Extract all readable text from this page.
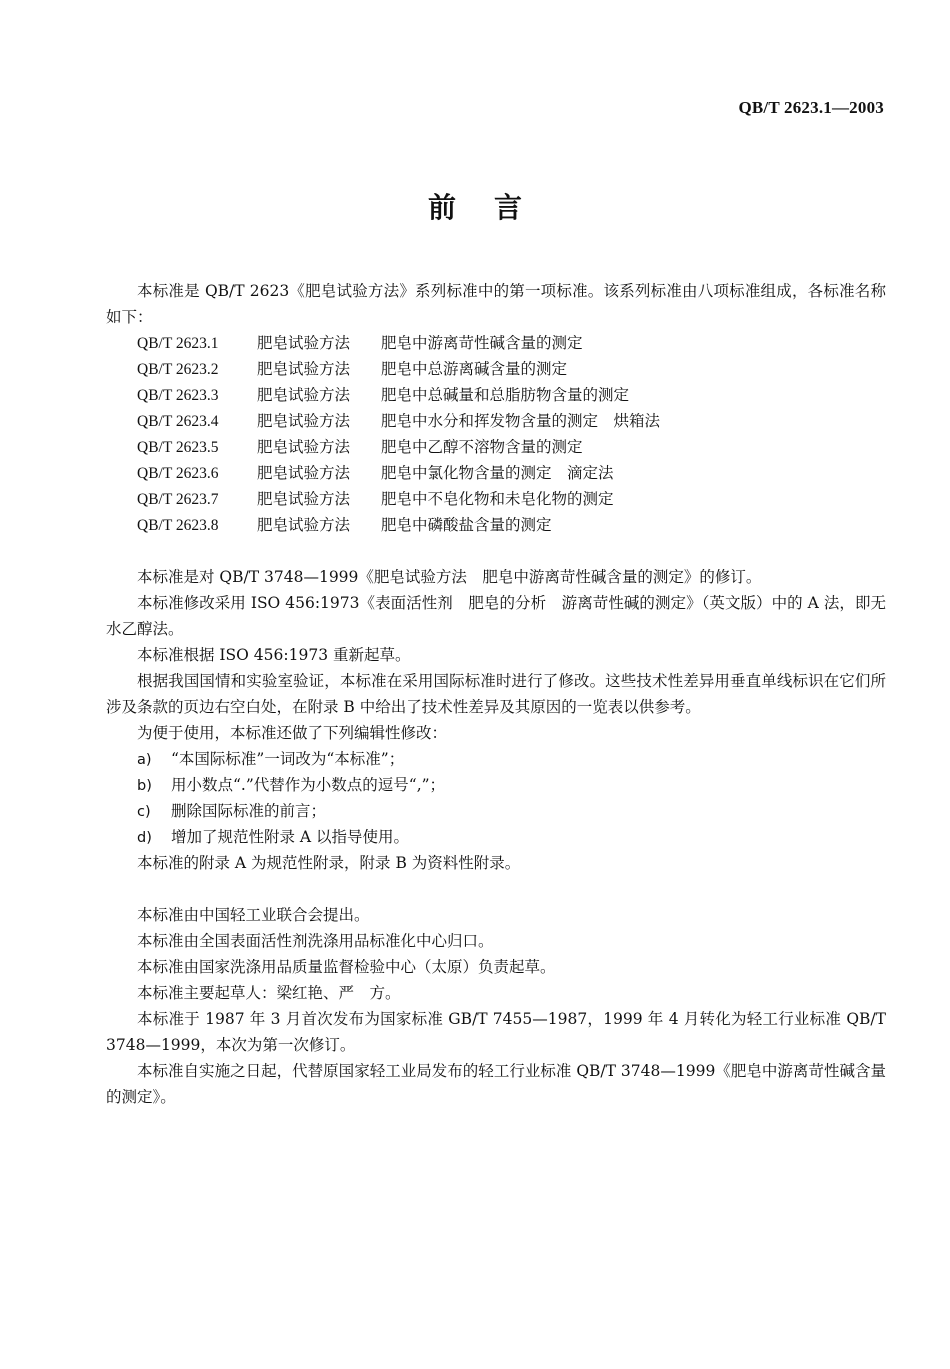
QB/T 2623.1—2003
前言

本标准是 QB/T 2623《肥皂试验方法》系列标准中的第一项标准。该系列标准由八项标准组成，各标准名称如下：

QB/T 2623.1 肥皂试验方法 肥皂中游离苛性碱含量的测定
QB/T 2623.2 肥皂试验方法 肥皂中总游离碱含量的测定
QB/T 2623.3 肥皂试验方法 肥皂中总碱量和总脂肪物含量的测定
QB/T 2623.4 肥皂试验方法 肥皂中水分和挥发物含量的测定　烘箱法
QB/T 2623.5 肥皂试验方法 肥皂中乙醇不溶物含量的测定
QB/T 2623.6 肥皂试验方法 肥皂中氯化物含量的测定　滴定法
QB/T 2623.7 肥皂试验方法 肥皂中不皂化物和未皂化物的测定
QB/T 2623.8 肥皂试验方法 肥皂中磷酸盐含量的测定

本标准是对 QB/T 3748—1999《肥皂试验方法　肥皂中游离苛性碱含量的测定》的修订。

本标准修改采用 ISO 456:1973《表面活性剂　肥皂的分析　游离苛性碱的测定》（英文版）中的 A 法，即无水乙醇法。

本标准根据 ISO 456:1973 重新起草。

根据我国国情和实验室验证，本标准在采用国际标准时进行了修改。这些技术性差异用垂直单线标识在它们所涉及条款的页边右空白处，在附录 B 中给出了技术性差异及其原因的一览表以供参考。

为便于使用，本标准还做了下列编辑性修改：

a) “本国际标准”一词改为“本标准”；
b) 用小数点“.”代替作为小数点的逗号“,”；
c) 删除国际标准的前言；
d) 增加了规范性附录 A 以指导使用。

本标准的附录 A 为规范性附录，附录 B 为资料性附录。

本标准由中国轻工业联合会提出。

本标准由全国表面活性剂洗涤用品标准化中心归口。

本标准由国家洗涤用品质量监督检验中心（太原）负责起草。

本标准主要起草人：梁红艳、严　方。

本标准于 1987 年 3 月首次发布为国家标准 GB/T 7455—1987，1999 年 4 月转化为轻工行业标准 QB/T 3748—1999，本次为第一次修订。

本标准自实施之日起，代替原国家轻工业局发布的轻工行业标准 QB/T 3748—1999《肥皂中游离苛性碱含量的测定》。
